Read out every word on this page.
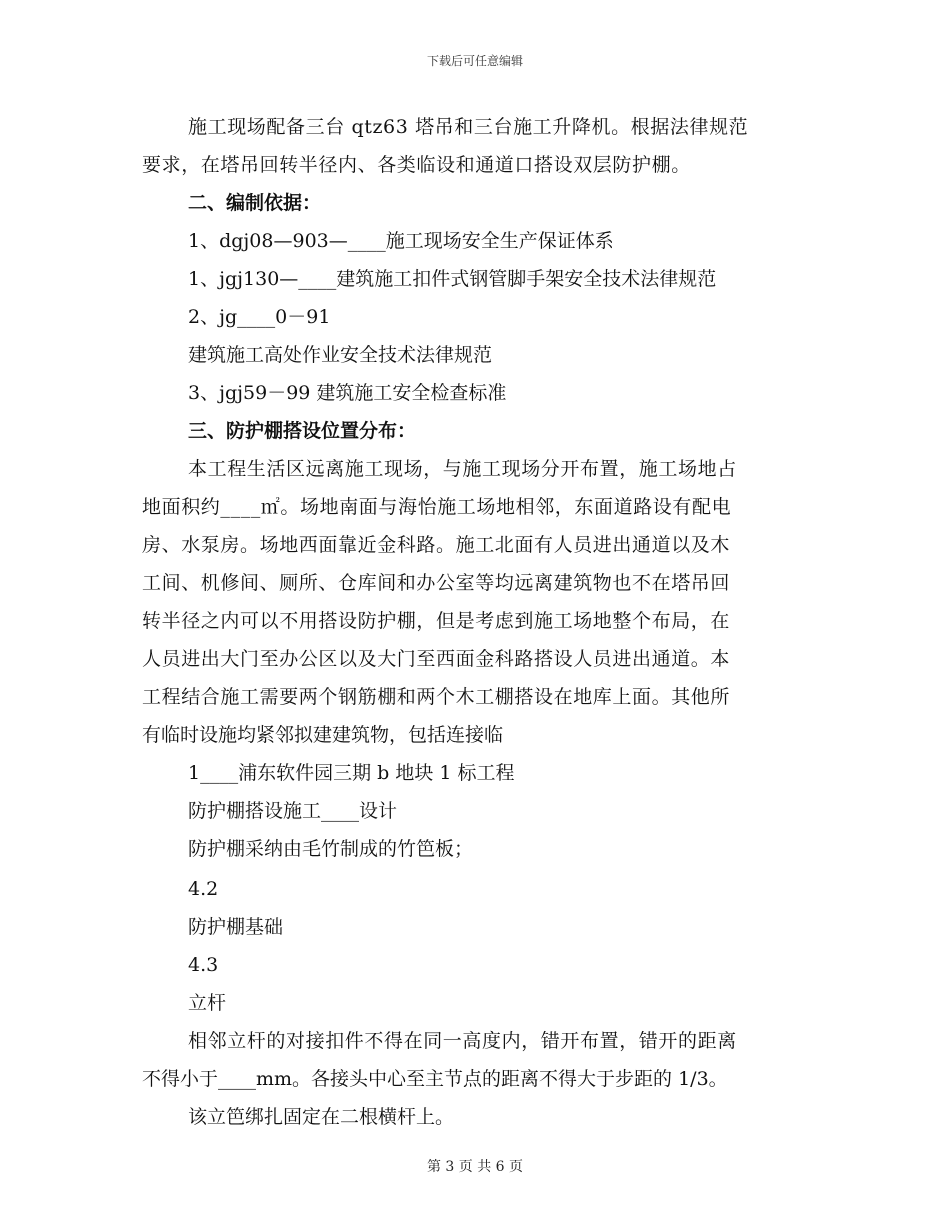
下载后可任意编辑
施工现场配备三台 qtz63 塔吊和三台施工升降机。根据法律规范
要求，在塔吊回转半径内、各类临设和通道口搭设双层防护棚。
二、编制依据：
1、dgj08—903—____施工现场安全生产保证体系
1、jgj130—____建筑施工扣件式钢管脚手架安全技术法律规范
2、jg____0－91
建筑施工高处作业安全技术法律规范
3、jgj59－99 建筑施工安全检查标准
三、防护棚搭设位置分布：
本工程生活区远离施工现场，与施工现场分开布置，施工场地占
地面积约____㎡。场地南面与海怡施工场地相邻，东面道路设有配电
房、水泵房。场地西面靠近金科路。施工北面有人员进出通道以及木
工间、机修间、厕所、仓库间和办公室等均远离建筑物也不在塔吊回
转半径之内可以不用搭设防护棚，但是考虑到施工场地整个布局，在
人员进出大门至办公区以及大门至西面金科路搭设人员进出通道。本
工程结合施工需要两个钢筋棚和两个木工棚搭设在地库上面。其他所
有临时设施均紧邻拟建建筑物，包括连接临
1____浦东软件园三期 b 地块 1 标工程
防护棚搭设施工____设计
防护棚采纳由毛竹制成的竹笆板；
4.2
防护棚基础
4.3
立杆
相邻立杆的对接扣件不得在同一高度内，错开布置，错开的距离
不得小于____mm。各接头中心至主节点的距离不得大于步距的 1/3。
该立笆绑扎固定在二根横杆上。
第 3 页 共 6 页
